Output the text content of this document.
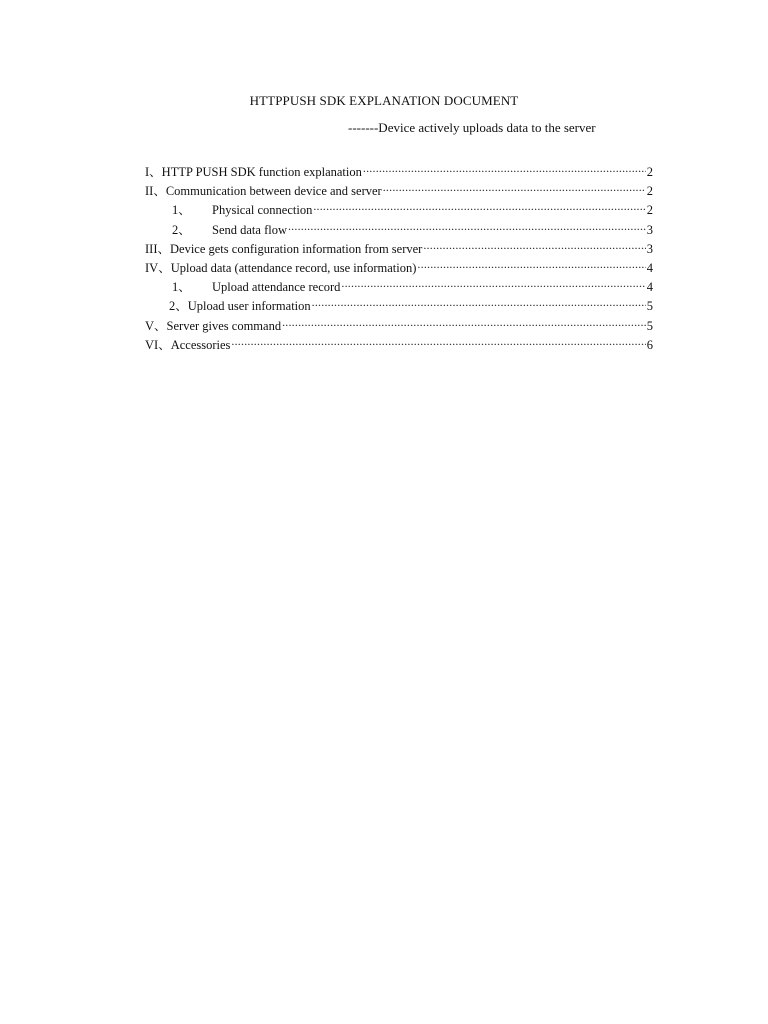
HTTPPUSH SDK EXPLANATION DOCUMENT
-------Device actively uploads data to the server
I、HTTP PUSH SDK function explanation .....	2
II、Communication between device and server .....	2
1、	Physical connection .....	2
2、	Send data flow .....	3
III、Device gets configuration information from server .....	3
IV、Upload data (attendance record, use information) .....	4
1、	Upload attendance record .....	4
2、Upload user information .....	5
V、Server gives command .....	5
VI、Accessories .....	6
